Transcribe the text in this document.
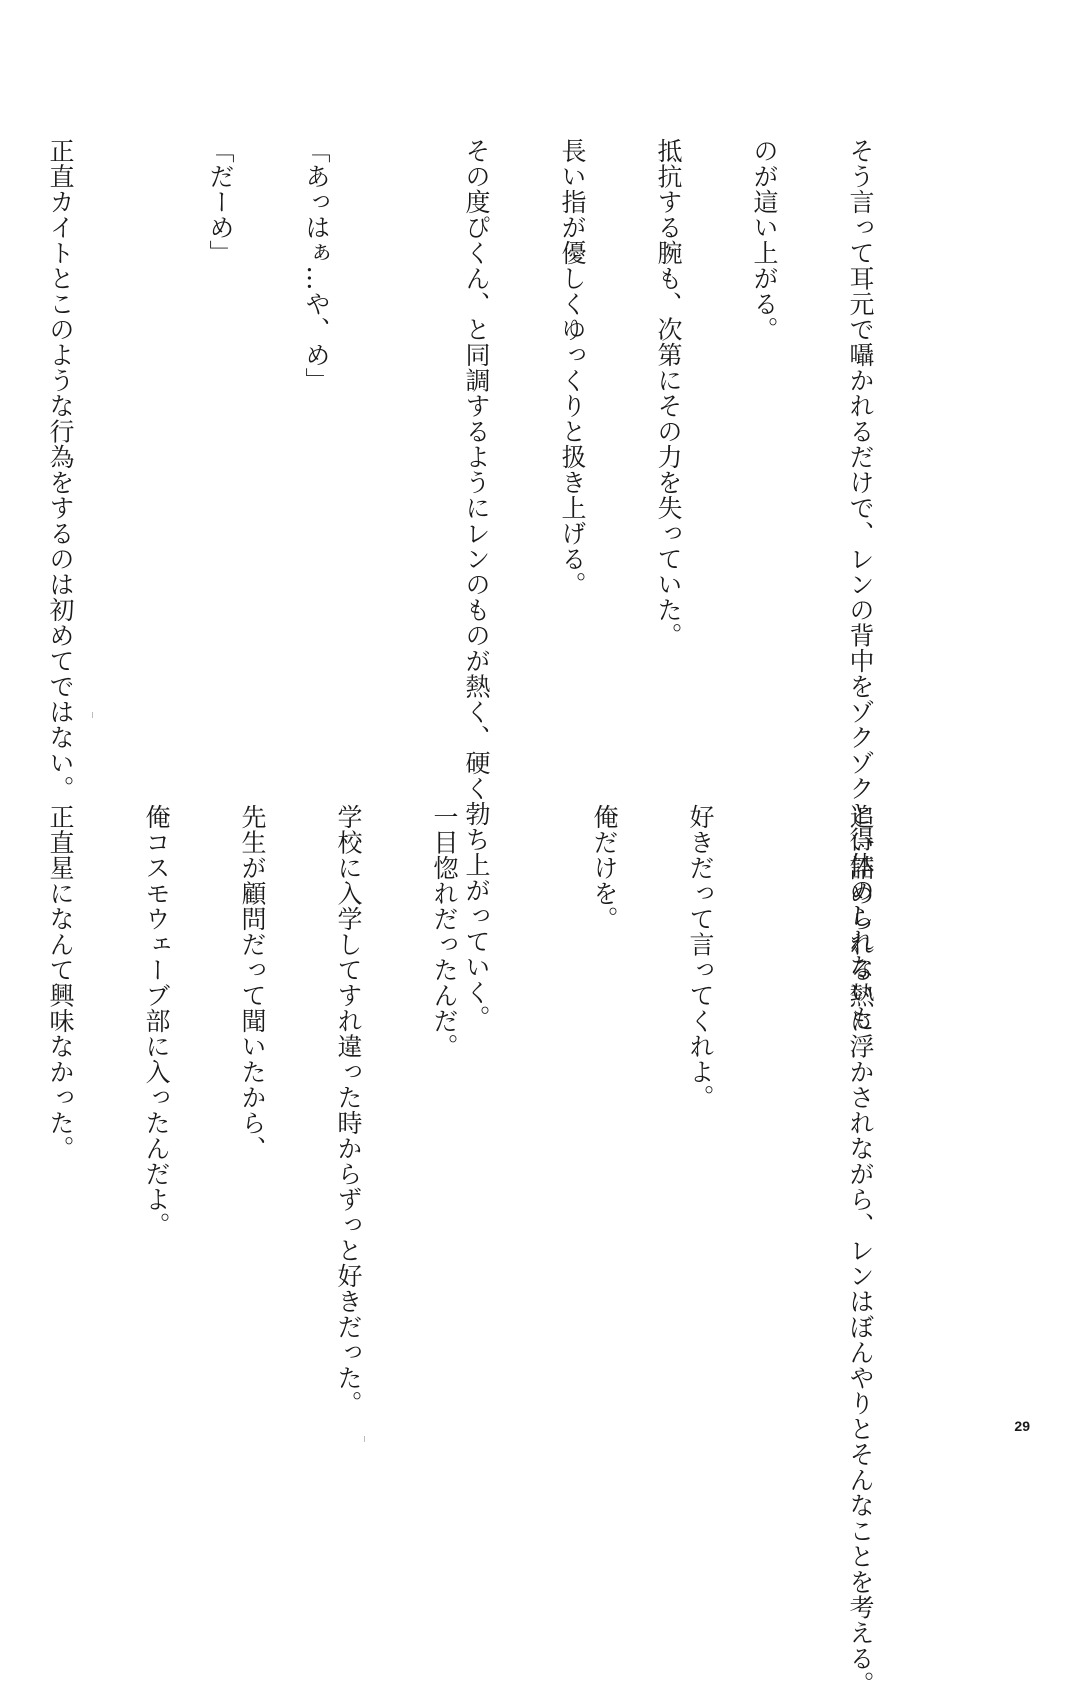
そう言って耳元で囁かれるだけで、レンの背中をゾクゾクと得体のしれないも

のが這い上がる。

抵抗する腕も、次第にその力を失っていた。

長い指が優しくゆっくりと扱き上げる。

その度ぴくん、と同調するようにレンのものが熱く、硬く勃ち上がっていく。

「あっはぁ…や、め」

「だーめ」

正直カイトとこのような行為をするのは初めてではない。

追い詰められる熱に浮かされながら、レンはぼんやりとそんなことを考える。

好きだって言ってくれよ。

俺だけを。

一目惚れだったんだ。

学校に入学してすれ違った時からずっと好きだった。

先生が顧問だって聞いたから、

俺コスモウェーブ部に入ったんだよ。

正直星になんて興味なかった。

29
